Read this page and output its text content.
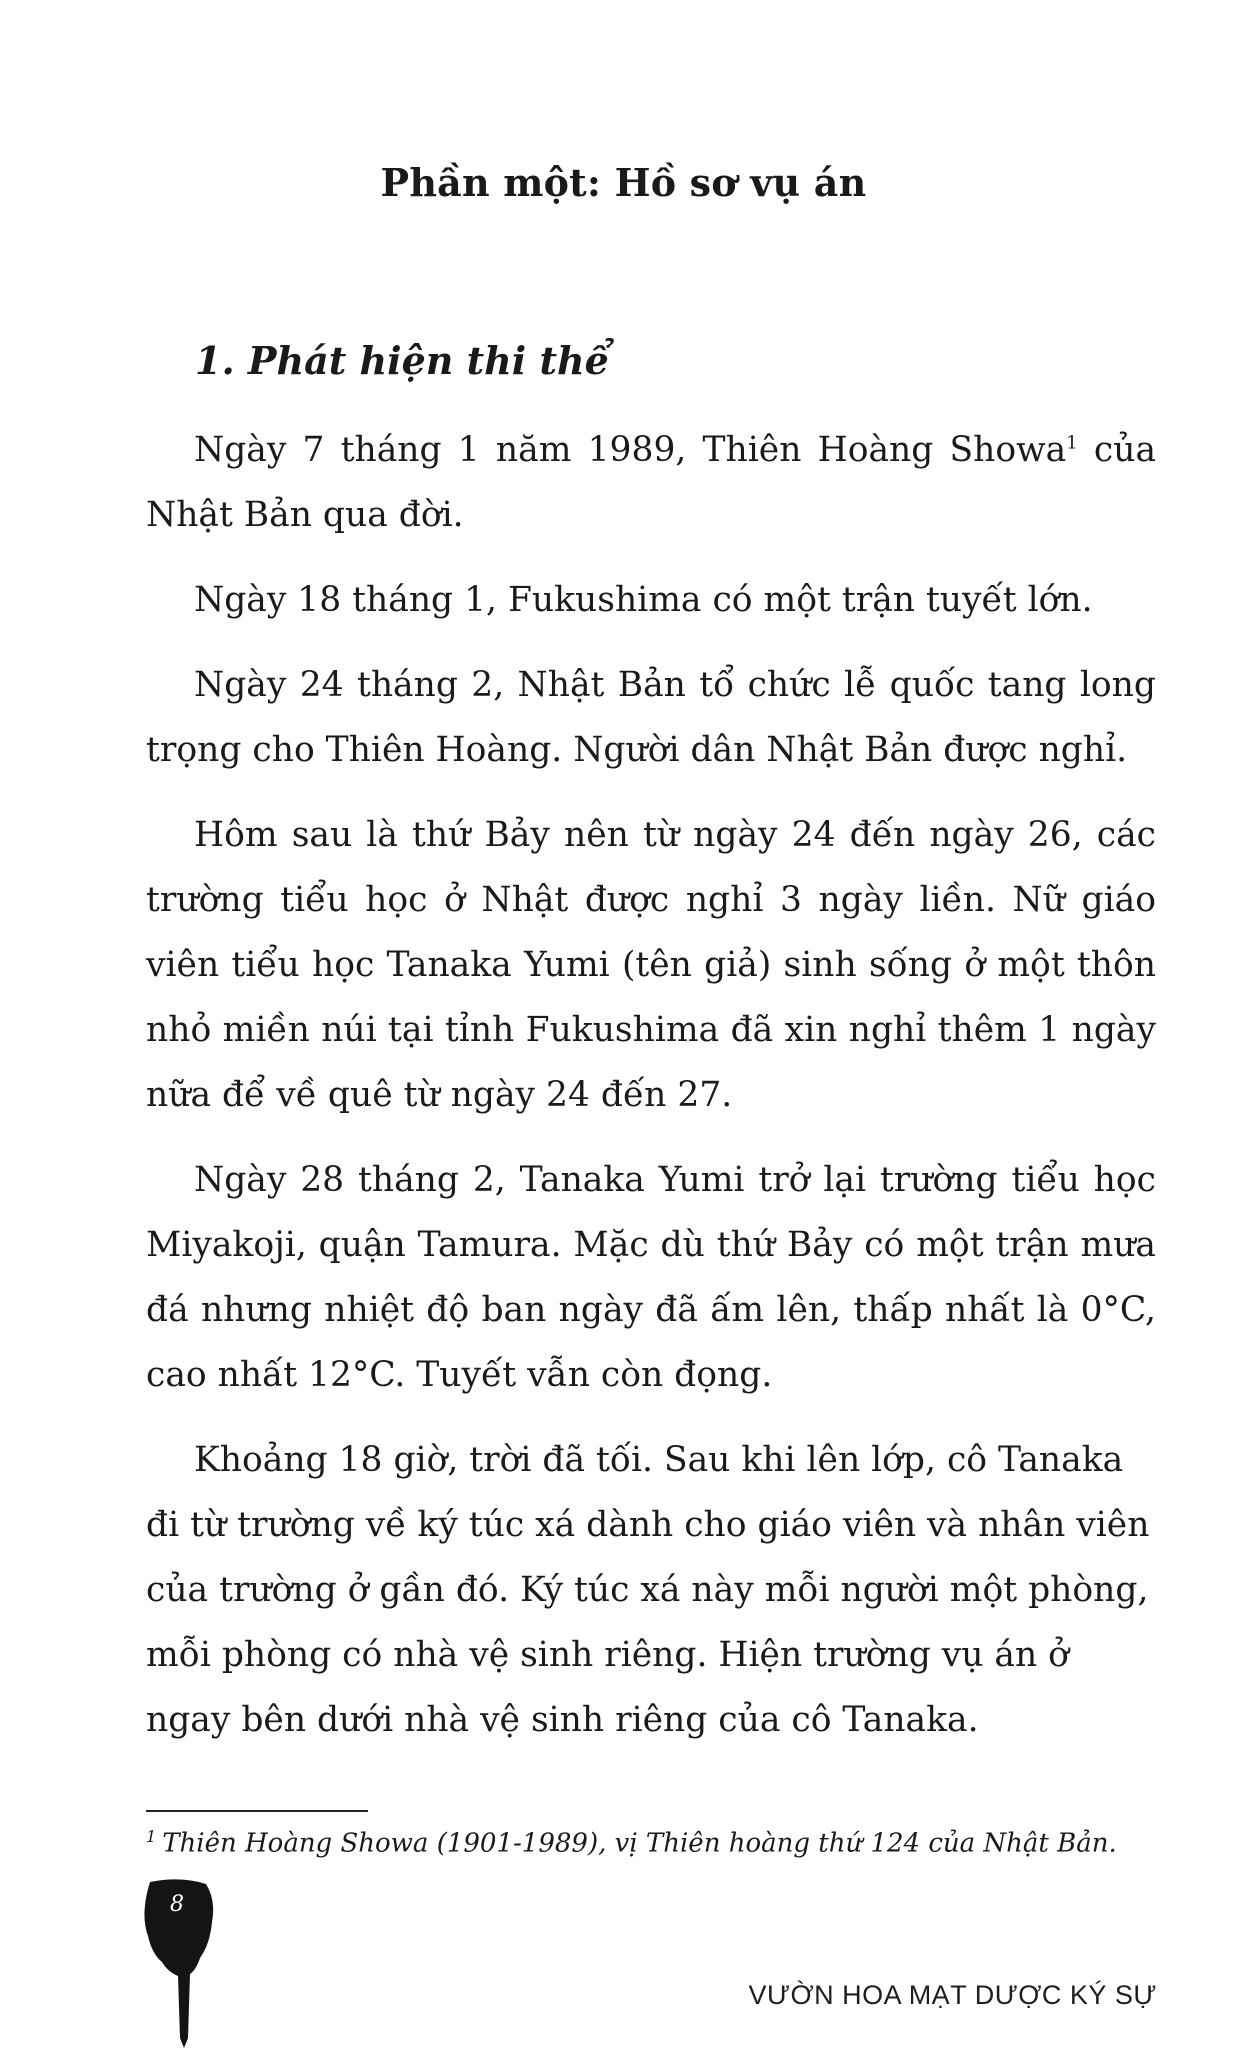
Phần một: Hồ sơ vụ án
1. Phát hiện thi thể

Ngày 7 tháng 1 năm 1989, Thiên Hoàng Showa$^1$ của Nhật Bản qua đời.

Ngày 18 tháng 1, Fukushima có một trận tuyết lớn.

Ngày 24 tháng 2, Nhật Bản tổ chức lễ quốc tang long trọng cho Thiên Hoàng. Người dân Nhật Bản được nghỉ.

Hôm sau là thứ Bảy nên từ ngày 24 đến ngày 26, các trường tiểu học ở Nhật được nghỉ 3 ngày liền. Nữ giáo viên tiểu học Tanaka Yumi (tên giả) sinh sống ở một thôn nhỏ miền núi tại tỉnh Fukushima đã xin nghỉ thêm 1 ngày nữa để về quê từ ngày 24 đến 27.

Ngày 28 tháng 2, Tanaka Yumi trở lại trường tiểu học Miyakoji, quận Tamura. Mặc dù thứ Bảy có một trận mưa đá nhưng nhiệt độ ban ngày đã ấm lên, thấp nhất là 0°C, cao nhất 12°C. Tuyết vẫn còn đọng.

Khoảng 18 giờ, trời đã tối. Sau khi lên lớp, cô Tanaka đi từ trường về ký túc xá dành cho giáo viên và nhân viên của trường ở gần đó. Ký túc xá này mỗi người một phòng, mỗi phòng có nhà vệ sinh riêng. Hiện trường vụ án ở ngay bên dưới nhà vệ sinh riêng của cô Tanaka.

$^1$ Thiên Hoàng Showa (1901-1989), vị Thiên hoàng thứ 124 của Nhật Bản.
8
VƯỜN HOA MẠT DƯỢC KÝ SỰ
